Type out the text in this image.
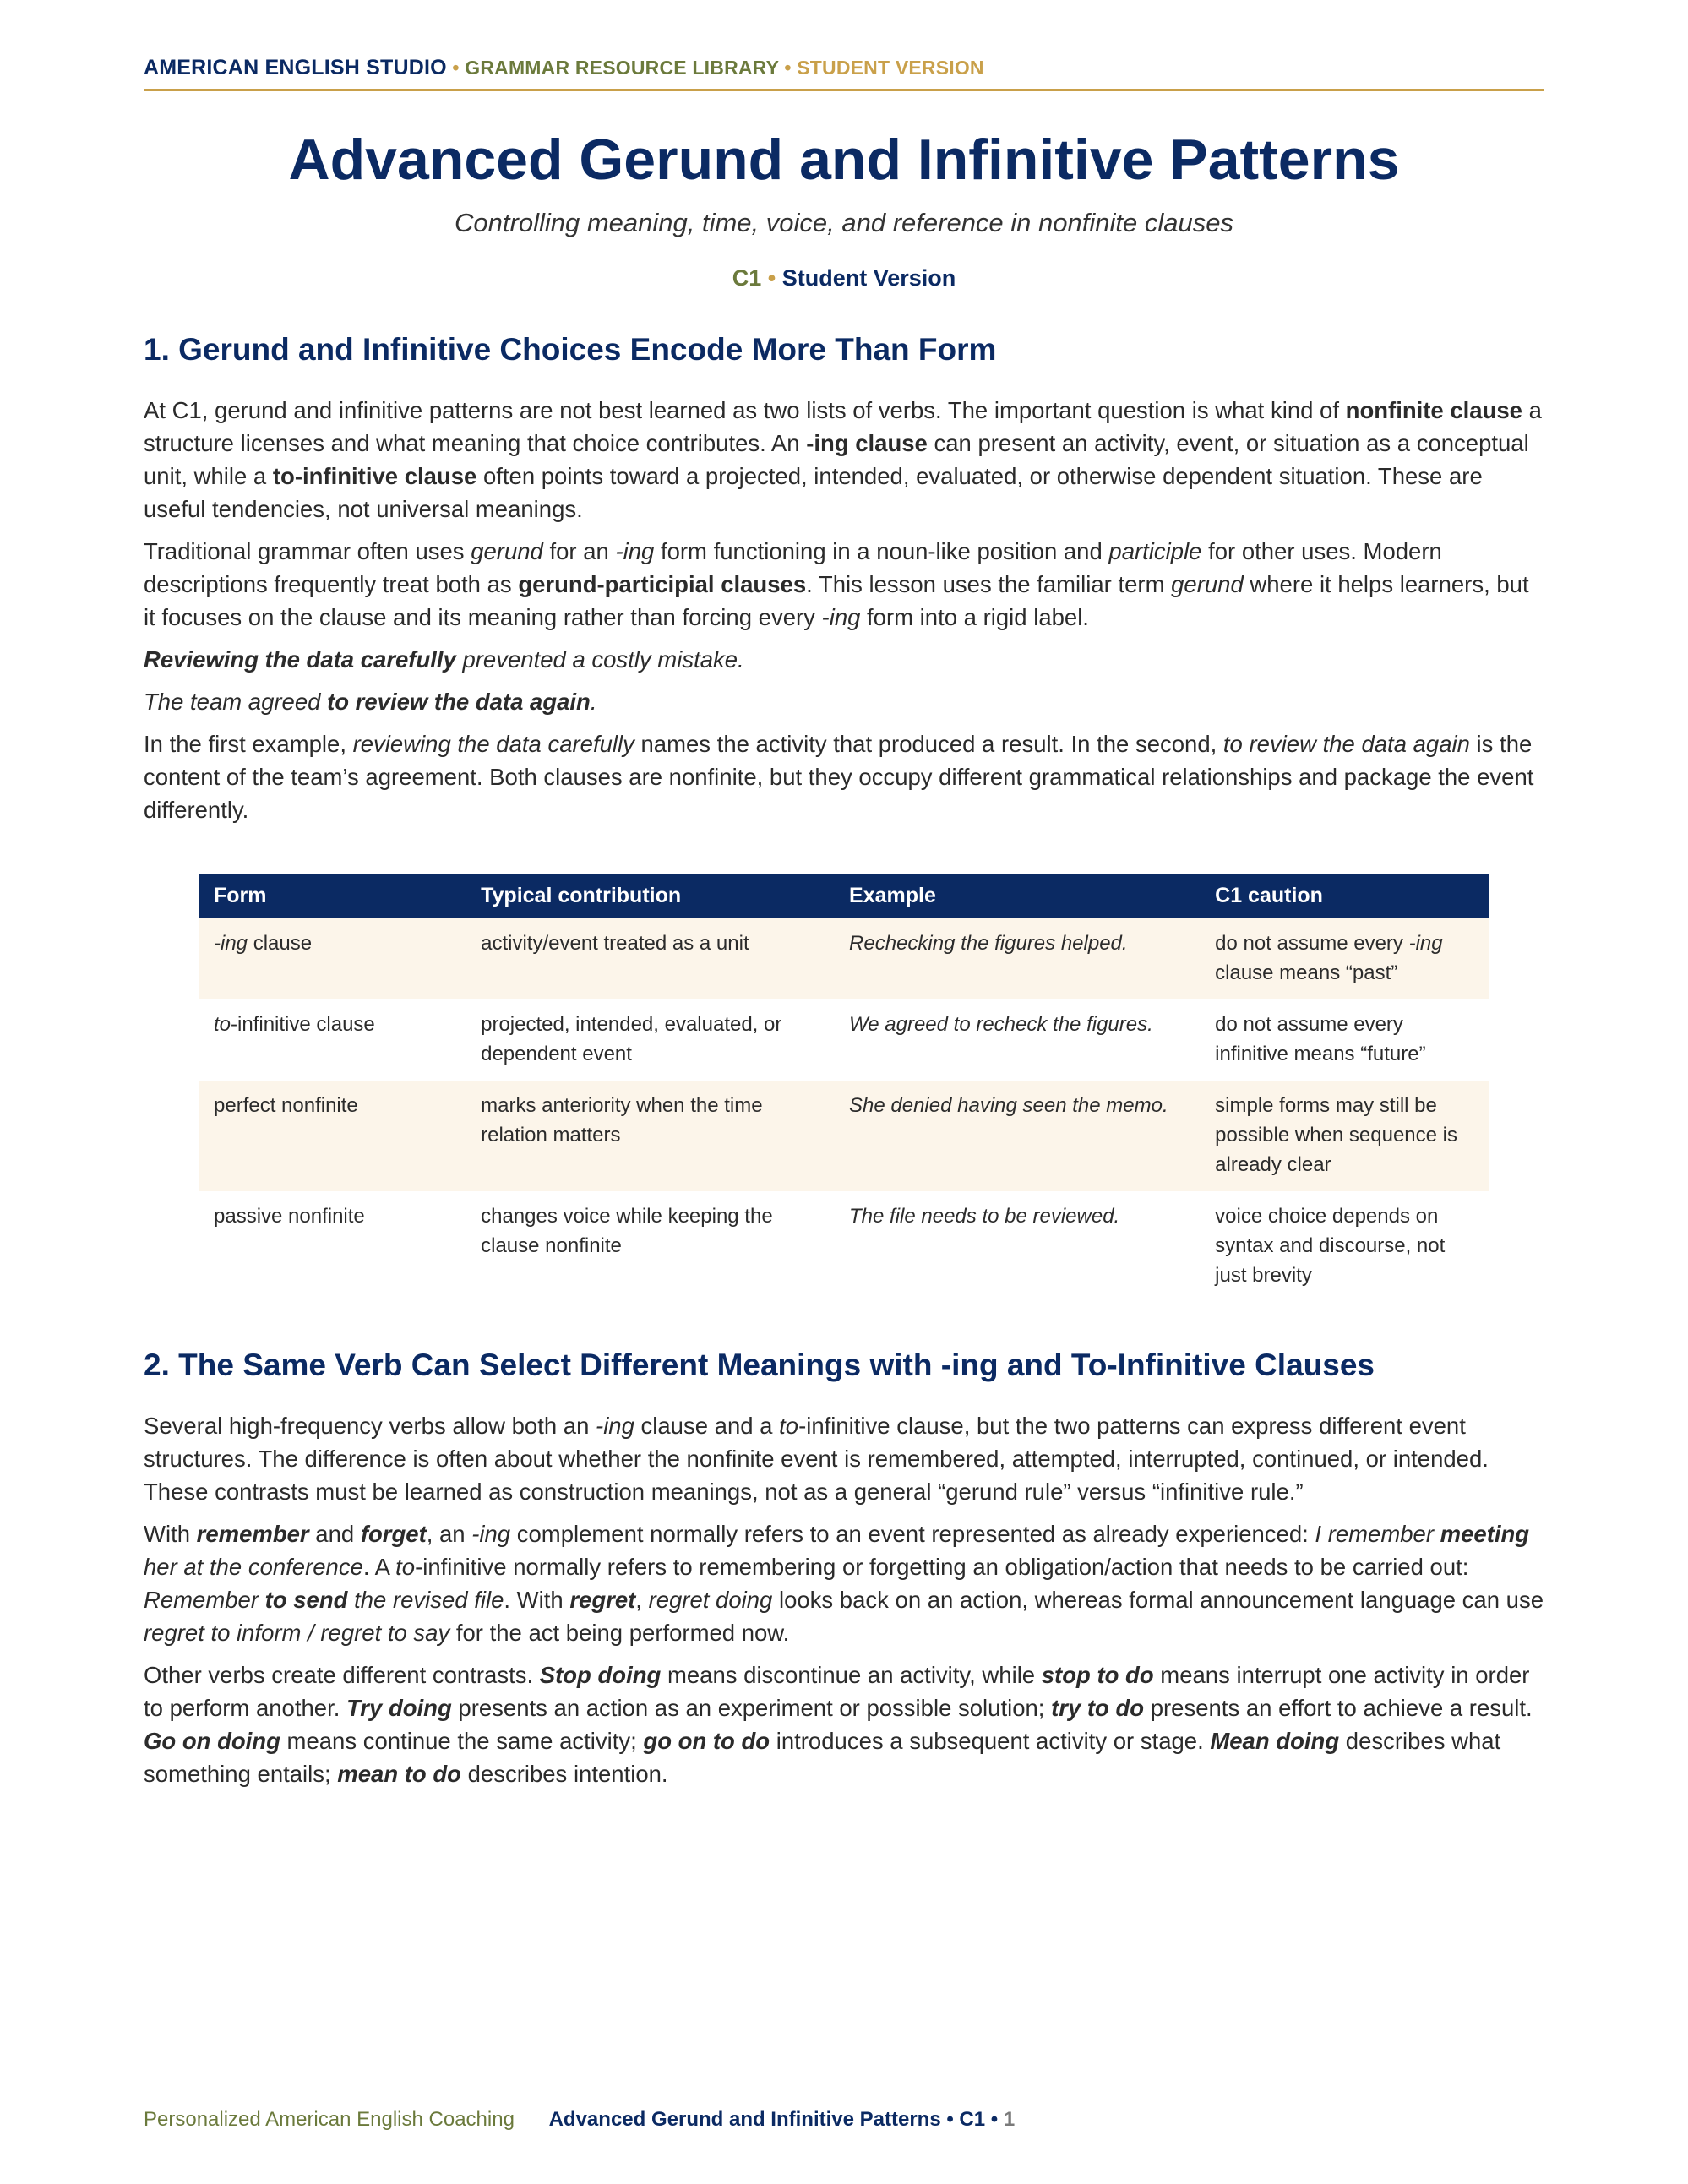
AMERICAN ENGLISH STUDIO • GRAMMAR RESOURCE LIBRARY • STUDENT VERSION
Advanced Gerund and Infinitive Patterns
Controlling meaning, time, voice, and reference in nonfinite clauses
C1 • Student Version
1. Gerund and Infinitive Choices Encode More Than Form

At C1, gerund and infinitive patterns are not best learned as two lists of verbs. The important question is what kind of nonfinite clause a structure licenses and what meaning that choice contributes. An -ing clause can present an activity, event, or situation as a conceptual unit, while a to-infinitive clause often points toward a projected, intended, evaluated, or otherwise dependent situation. These are useful tendencies, not universal meanings.

Traditional grammar often uses gerund for an -ing form functioning in a noun-like position and participle for other uses. Modern descriptions frequently treat both as gerund-participial clauses. This lesson uses the familiar term gerund where it helps learners, but it focuses on the clause and its meaning rather than forcing every -ing form into a rigid label.

Reviewing the data carefully prevented a costly mistake.

The team agreed to review the data again.

In the first example, reviewing the data carefully names the activity that produced a result. In the second, to review the data again is the content of the team’s agreement. Both clauses are nonfinite, but they occupy different grammatical relationships and package the event differently.

Form	Typical contribution	Example	C1 caution
-ing clause	activity/event treated as a unit	Rechecking the figures helped.	do not assume every -ing clause means “past”
to-infinitive clause	projected, intended, evaluated, or dependent event	We agreed to recheck the figures.	do not assume every infinitive means “future”
perfect nonfinite	marks anteriority when the time relation matters	She denied having seen the memo.	simple forms may still be possible when sequence is already clear
passive nonfinite	changes voice while keeping the clause nonfinite	The file needs to be reviewed.	voice choice depends on syntax and discourse, not just brevity
2. The Same Verb Can Select Different Meanings with -ing and To-Infinitive Clauses

Several high-frequency verbs allow both an -ing clause and a to-infinitive clause, but the two patterns can express different event structures. The difference is often about whether the nonfinite event is remembered, attempted, interrupted, continued, or intended. These contrasts must be learned as construction meanings, not as a general “gerund rule” versus “infinitive rule.”

With remember and forget, an -ing complement normally refers to an event represented as already experienced: I remember meeting her at the conference. A to-infinitive normally refers to remembering or forgetting an obligation/action that needs to be carried out: Remember to send the revised file. With regret, regret doing looks back on an action, whereas formal announcement language can use regret to inform / regret to say for the act being performed now.

Other verbs create different contrasts. Stop doing means discontinue an activity, while stop to do means interrupt one activity in order to perform another. Try doing presents an action as an experiment or possible solution; try to do presents an effort to achieve a result. Go on doing means continue the same activity; go on to do introduces a subsequent activity or stage. Mean doing describes what something entails; mean to do describes intention.

Personalized American English Coaching Advanced Gerund and Infinitive Patterns • C1 • 1
